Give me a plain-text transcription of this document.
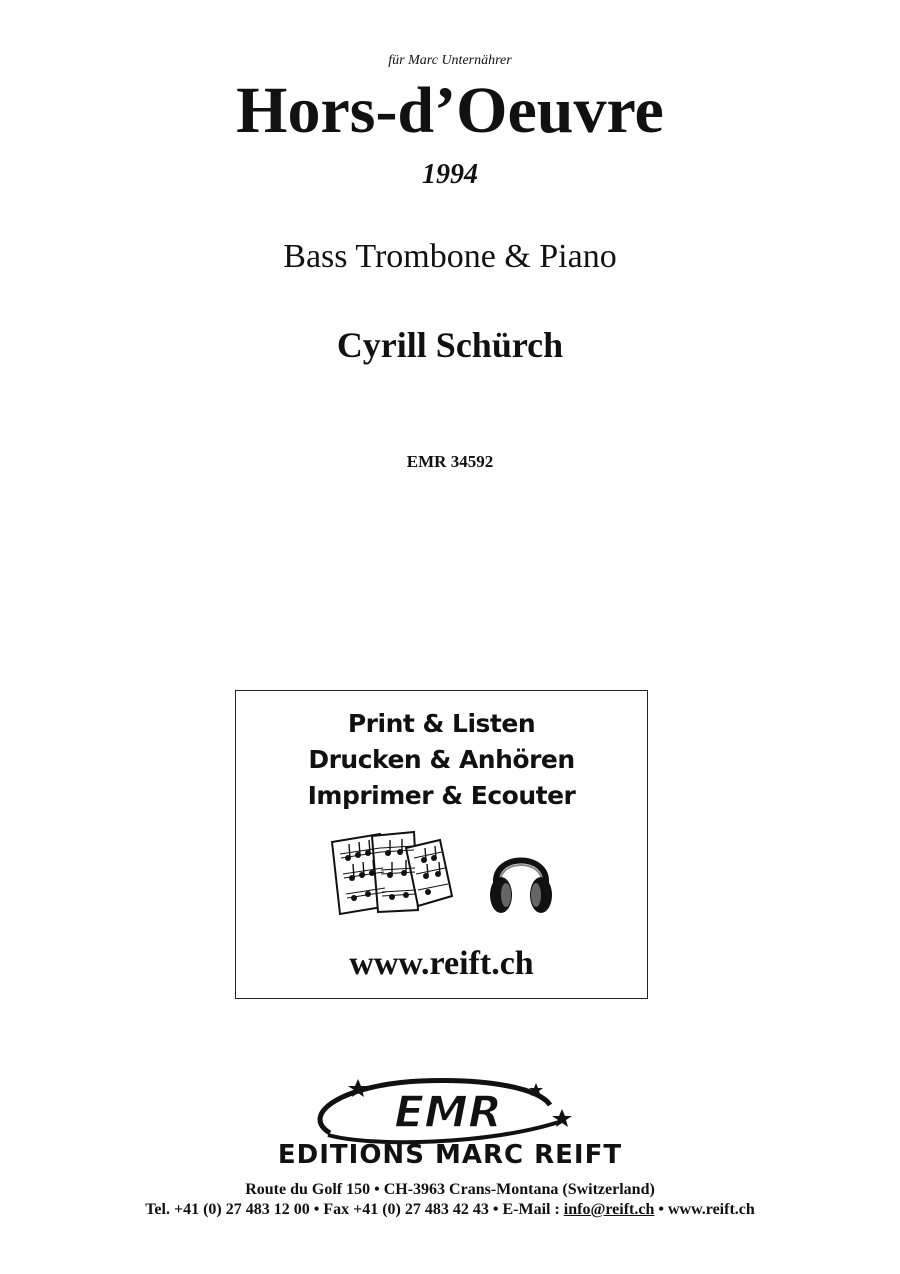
für Marc Unternährer
Hors-d’Oeuvre
1994
Bass Trombone & Piano
Cyrill Schürch
EMR 34592
Print & Listen
Drucken & Anhören
Imprimer & Ecouter
www.reift.ch
EMR
EDITIONS MARC REIFT
Route du Golf 150 • CH-3963 Crans-Montana (Switzerland)
Tel. +41 (0) 27 483 12 00 • Fax +41 (0) 27 483 42 43 • E-Mail : info@reift.ch • www.reift.ch
